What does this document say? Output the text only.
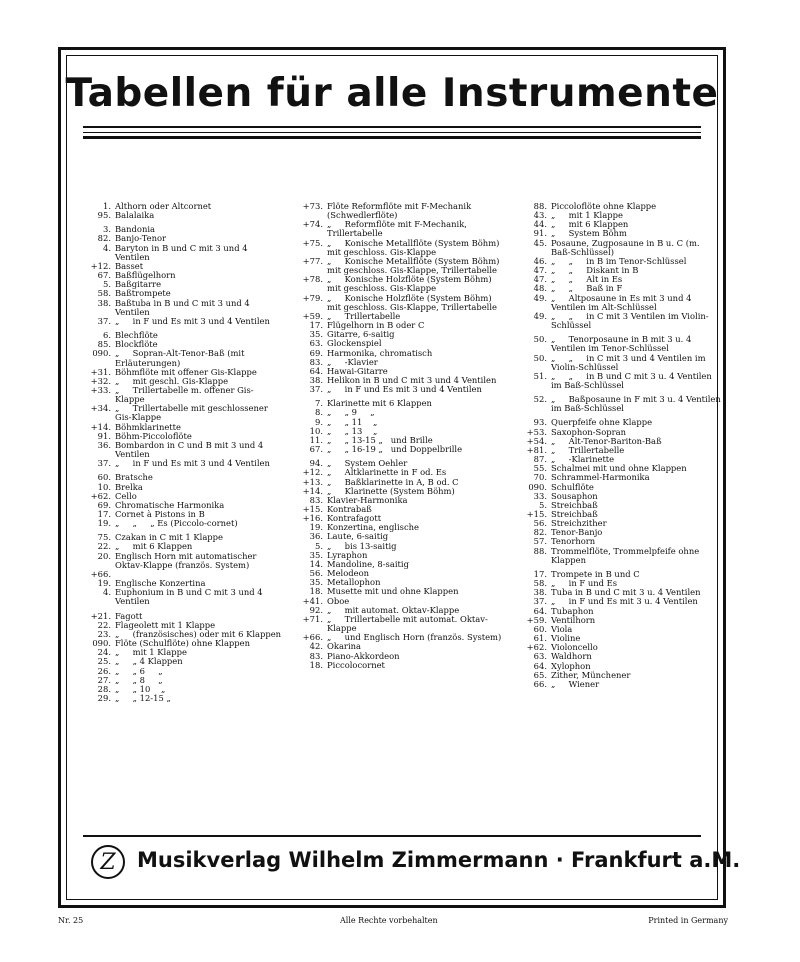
Tabellen für alle Instrumente
1. Althorn oder Altcornet
95. Balalaika
3. Bandonia
82. Banjo-Tenor
4. Baryton in B und C mit 3 und 4 Ventilen
+12. Basset
67. Baßflügelhorn
5. Baßgitarre
58. Baßtrompete
38. Baßtuba in B und C mit 3 und 4 Ventilen
37. „     in F und Es mit 3 und 4 Ventilen
6. Blechflöte
85. Blockflöte
090. „     Sopran-Alt-Tenor-Baß (mit Erläuterungen)
+31. Böhmflöte mit offener Gis-Klappe
+32. „     mit geschl. Gis-Klappe
+33. „     Trillertabelle m. offener Gis-Klappe
+34. „     Trillertabelle mit geschlossener Gis-Klappe
+14. Böhmklarinette
91. Böhm-Piccoloflöte
36. Bombardon in C und B mit 3 und 4 Ventilen
37. „     in F und Es mit 3 und 4 Ventilen
60. Bratsche
10. Brelka
+62. Cello
69. Chromatische Harmonika
17. Cornet à Pistons in B
19. „     „     „ Es (Piccolo-cornet)
75. Czakan in C mit 1 Klappe
22. „     mit 6 Klappen
20. Englisch Horn mit automatischer Oktav-Klappe (französ. System)
+66.
19. Englische Konzertina
4. Euphonium in B und C mit 3 und 4 Ventilen
+21. Fagott
22. Flageolett mit 1 Klappe
23. „     (französisches) oder mit 6 Klappen
090. Flöte (Schulflöte) ohne Klappen
24. „     mit 1 Klappe
25. „     „ 4 Klappen
26. „     „ 6     „
27. „     „ 8     „
28. „     „ 10    „
29. „     „ 12-15 „
+73. Flöte Reformflöte mit F-Mechanik (Schwedlerflöte)
+74. „     Reformflöte mit F-Mechanik, Trillertabelle
+75. „     Konische Metallflöte (System Böhm) mit geschloss. Gis-Klappe
+77. „     Konische Metallflöte (System Böhm) mit geschloss. Gis-Klappe, Trillertabelle
+78. „     Konische Holzflöte (System Böhm) mit geschloss. Gis-Klappe
+79. „     Konische Holzflöte (System Böhm) mit geschloss. Gis-Klappe, Trillertabelle
+59. „     Trillertabelle
17. Flügelhorn in B oder C
35. Gitarre, 6-saitig
63. Glockenspiel
69. Harmonika, chromatisch
83. „     -Klavier
64. Hawai-Gitarre
38. Helikon in B und C mit 3 und 4 Ventilen
37. „     in F und Es mit 3 und 4 Ventilen
7. Klarinette mit 6 Klappen
8. „     „ 9     „
9. „     „ 11    „
10. „     „ 13    „
11. „     „ 13-15 „   und Brille
67. „     „ 16-19 „   und Doppelbrille
94. „     System Oehler
+12. „     Altklarinette in F od. Es
+13. „     Baßklarinette in A, B od. C
+14. „     Klarinette (System Böhm)
83. Klavier-Harmonika
+15. Kontrabaß
+16. Kontrafagott
19. Konzertina, englische
36. Laute, 6-saitig
5. „     bis 13-saitig
35. Lyraphon
14. Mandoline, 8-saitig
56. Melodeon
35. Metallophon
18. Musette mit und ohne Klappen
+41. Oboe
92. „     mit automat. Oktav-Klappe
+71. „     Trillertabelle mit automat. Oktav-Klappe
+66. „     und Englisch Horn (französ. System)
42. Okarina
83. Piano-Akkordeon
18. Piccolocornet
88. Piccoloflöte ohne Klappe
43. „     mit 1 Klappe
44. „     mit 6 Klappen
91. „     System Böhm
45. Posaune, Zugposaune in B u. C (m. Baß-Schlüssel)
46. „     „     in B im Tenor-Schlüssel
47. „     „     Diskant in B
47. „     „     Alt in Es
48. „     „     Baß in F
49. „     Altposaune in Es mit 3 und 4 Ventilen im Alt-Schlüssel
49. „     „     in C mit 3 Ventilen im Violin-Schlüssel
50. „     Tenorposaune in B mit 3 u. 4 Ventilen im Tenor-Schlüssel
50. „     „     in C mit 3 und 4 Ventilen im Violin-Schlüssel
51. „     „     in B und C mit 3 u. 4 Ventilen im Baß-Schlüssel
52. „     Baßposaune in F mit 3 u. 4 Ventilen im Baß-Schlüssel
93. Querpfeife ohne Klappe
+53. Saxophon-Sopran
+54. „     Alt-Tenor-Bariton-Baß
+81. „     Trillertabelle
87. „     -Klarinette
55. Schalmei mit und ohne Klappen
70. Schrammel-Harmonika
090. Schulflöte
33. Sousaphon
5. Streichbaß
+15. Streichbaß
56. Streichzither
82. Tenor-Banjo
57. Tenorhorn
88. Trommelflöte, Trommelpfeife ohne Klappen
17. Trompete in B und C
58. „     in F und Es
38. Tuba in B und C mit 3 u. 4 Ventilen
37. „     in F und Es mit 3 u. 4 Ventilen
64. Tubaphon
+59. Ventilhorn
60. Viola
61. Violine
+62. Violoncello
63. Waldhorn
64. Xylophon
65. Zither, Münchener
66. „     Wiener
Z Musikverlag Wilhelm Zimmermann · Frankfurt a.M.
Nr. 25	Alle Rechte vorbehalten	Printed in Germany
